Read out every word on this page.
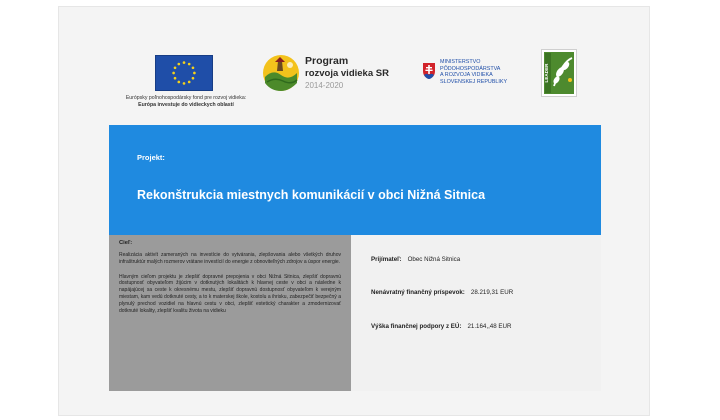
Európsky poľnohospodársky fond pre rozvoj vidieka:
Európa investuje do vidieckych oblastí
Program
rozvoja vidieka SR
2014-2020
MINISTERSTVO
PÔDOHOSPODÁRSTVA
A ROZVOJA VIDIEKA
SLOVENSKEJ REPUBLIKY	LEADER
Projekt:
Rekonštrukcia miestnych komunikácií v obci Nižná Sitnica
Cieľ:

Realizácia aktivít zameraných na investície do vytvárania, zlepšovania alebo všetkých druhov infraštruktúr malých rozmerov vrátane investícií do energie z obnoviteľných zdrojov a úspor energie.

Hlavným cieľom projektu je zlepšiť dopravné prepojenia v obci Nižná Sitnica, zlepšiť dopravnú dostupnosť obyvateľom žijúcim v dotknutých lokalitách k hlavnej ceste v obci a následne k napájajúcej sa ceste k okresnému mestu, zlepšiť dopravnú dostupnosť obyvateľom k verejným miestam, kam vedú dotknuté cesty, a to k materskej škole, kostolu a ihrisku, zabezpečiť bezpečný a plynulý prechod vozidiel na hlavnú cestu v obci, zlepšiť estetický charakter a zmodernizovať dotknuté lokality, zlepšiť kvalitu života na vidieku

Prijímateľ: Obec Nižná Sitnica
Nenávratný finančný príspevok: 28.219,31 EUR
Výška finančnej podpory z EÚ: 21.164,,48 EUR
